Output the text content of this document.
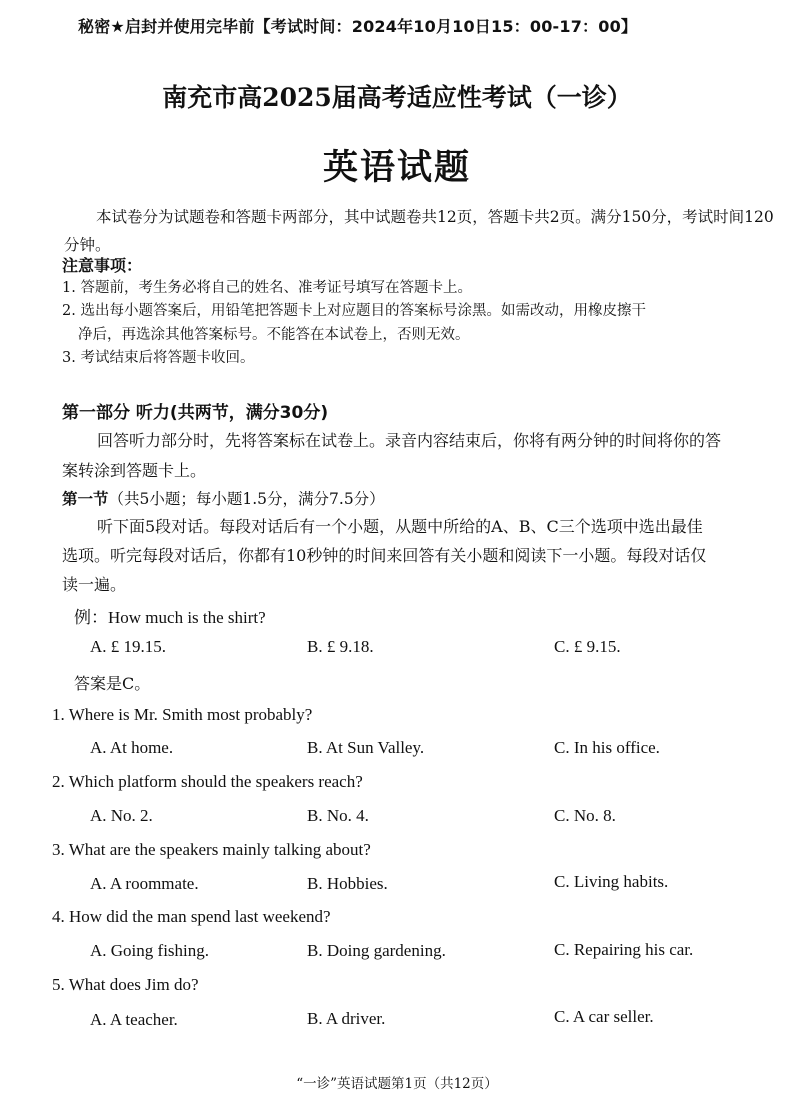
秘密★启封并使用完毕前【考试时间：2024年10月10日15：00-17：00】
南充市高2025届高考适应性考试（一诊）
英语试题
本试卷分为试题卷和答题卡两部分，其中试题卷共12页，答题卡共2页。满分150分，考试时间120分钟。
注意事项：
1. 答题前，考生务必将自己的姓名、准考证号填写在答题卡上。
2. 选出每小题答案后，用铅笔把答题卡上对应题目的答案标号涂黑。如需改动，用橡皮擦干
净后，再选涂其他答案标号。不能答在本试卷上，否则无效。
3. 考试结束后将答题卡收回。
第一部分 听力(共两节，满分30分)
回答听力部分时，先将答案标在试卷上。录音内容结束后，你将有两分钟的时间将你的答
案转涂到答题卡上。
第一节（共5小题；每小题1.5分，满分7.5分）
听下面5段对话。每段对话后有一个小题，从题中所给的A、B、C三个选项中选出最佳
选项。听完每段对话后，你都有10秒钟的时间来回答有关小题和阅读下一小题。每段对话仅
读一遍。
例：How much is the shirt?
A. £ 19.15.	B. £ 9.18.	C. £ 9.15.
答案是C。
1. Where is Mr. Smith most probably?
A. At home.	B. At Sun Valley.	C. In his office.
2. Which platform should the speakers reach?
A. No. 2.	B. No. 4.	C. No. 8.
3. What are the speakers mainly talking about?
A. A roommate.	B. Hobbies.	C. Living habits.
4. How did the man spend last weekend?
A. Going fishing.	B. Doing gardening.	C. Repairing his car.
5. What does Jim do?
A. A teacher.	B. A driver.	C. A car seller.
“一诊”英语试题第1页（共12页）
